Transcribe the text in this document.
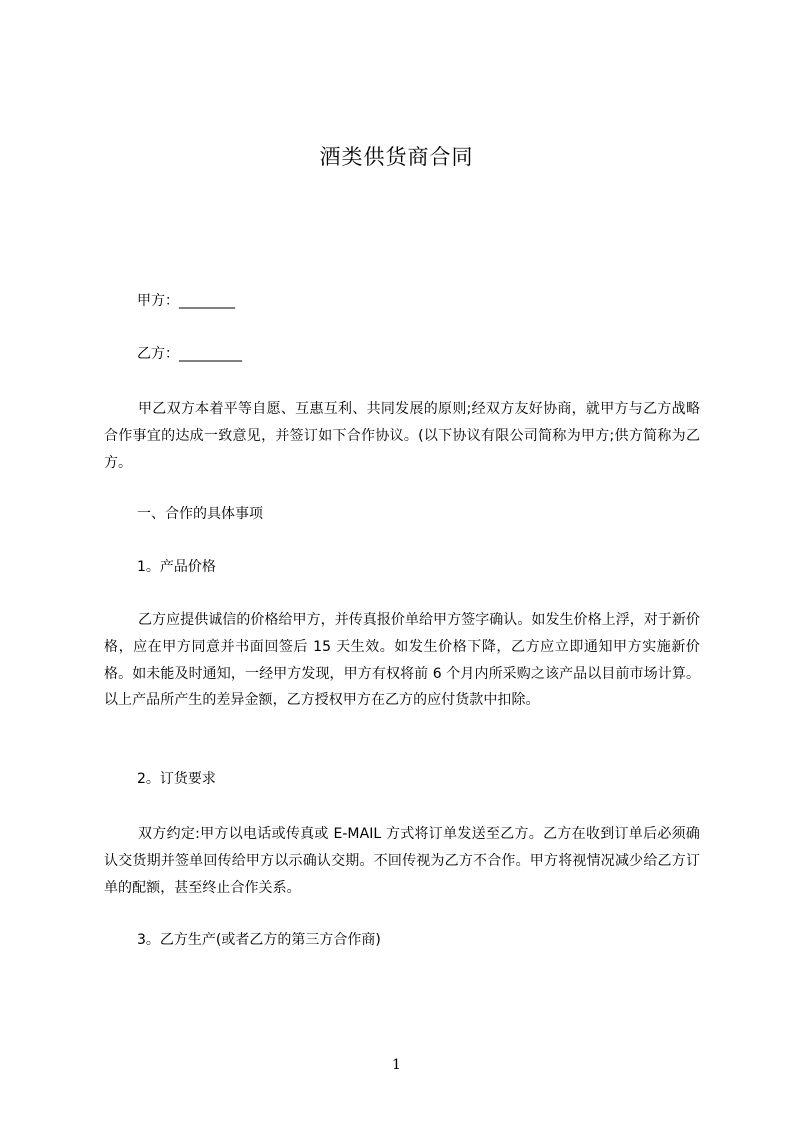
酒类供货商合同
甲方：________
乙方：_________
甲乙双方本着平等自愿、互惠互利、共同发展的原则;经双方友好协商，就甲方与乙方战略合作事宜的达成一致意见，并签订如下合作协议。(以下协议有限公司简称为甲方;供方简称为乙方。
一、合作的具体事项
1。产品价格
乙方应提供诚信的价格给甲方，并传真报价单给甲方签字确认。如发生价格上浮，对于新价格，应在甲方同意并书面回签后 15 天生效。如发生价格下降，乙方应立即通知甲方实施新价格。如未能及时通知，一经甲方发现，甲方有权将前 6 个月内所采购之该产品以目前市场计算。以上产品所产生的差异金额，乙方授权甲方在乙方的应付货款中扣除。
2。订货要求
双方约定:甲方以电话或传真或 E-MAIL 方式将订单发送至乙方。乙方在收到订单后必须确认交货期并签单回传给甲方以示确认交期。不回传视为乙方不合作。甲方将视情况减少给乙方订单的配额，甚至终止合作关系。
3。乙方生产(或者乙方的第三方合作商)
1
